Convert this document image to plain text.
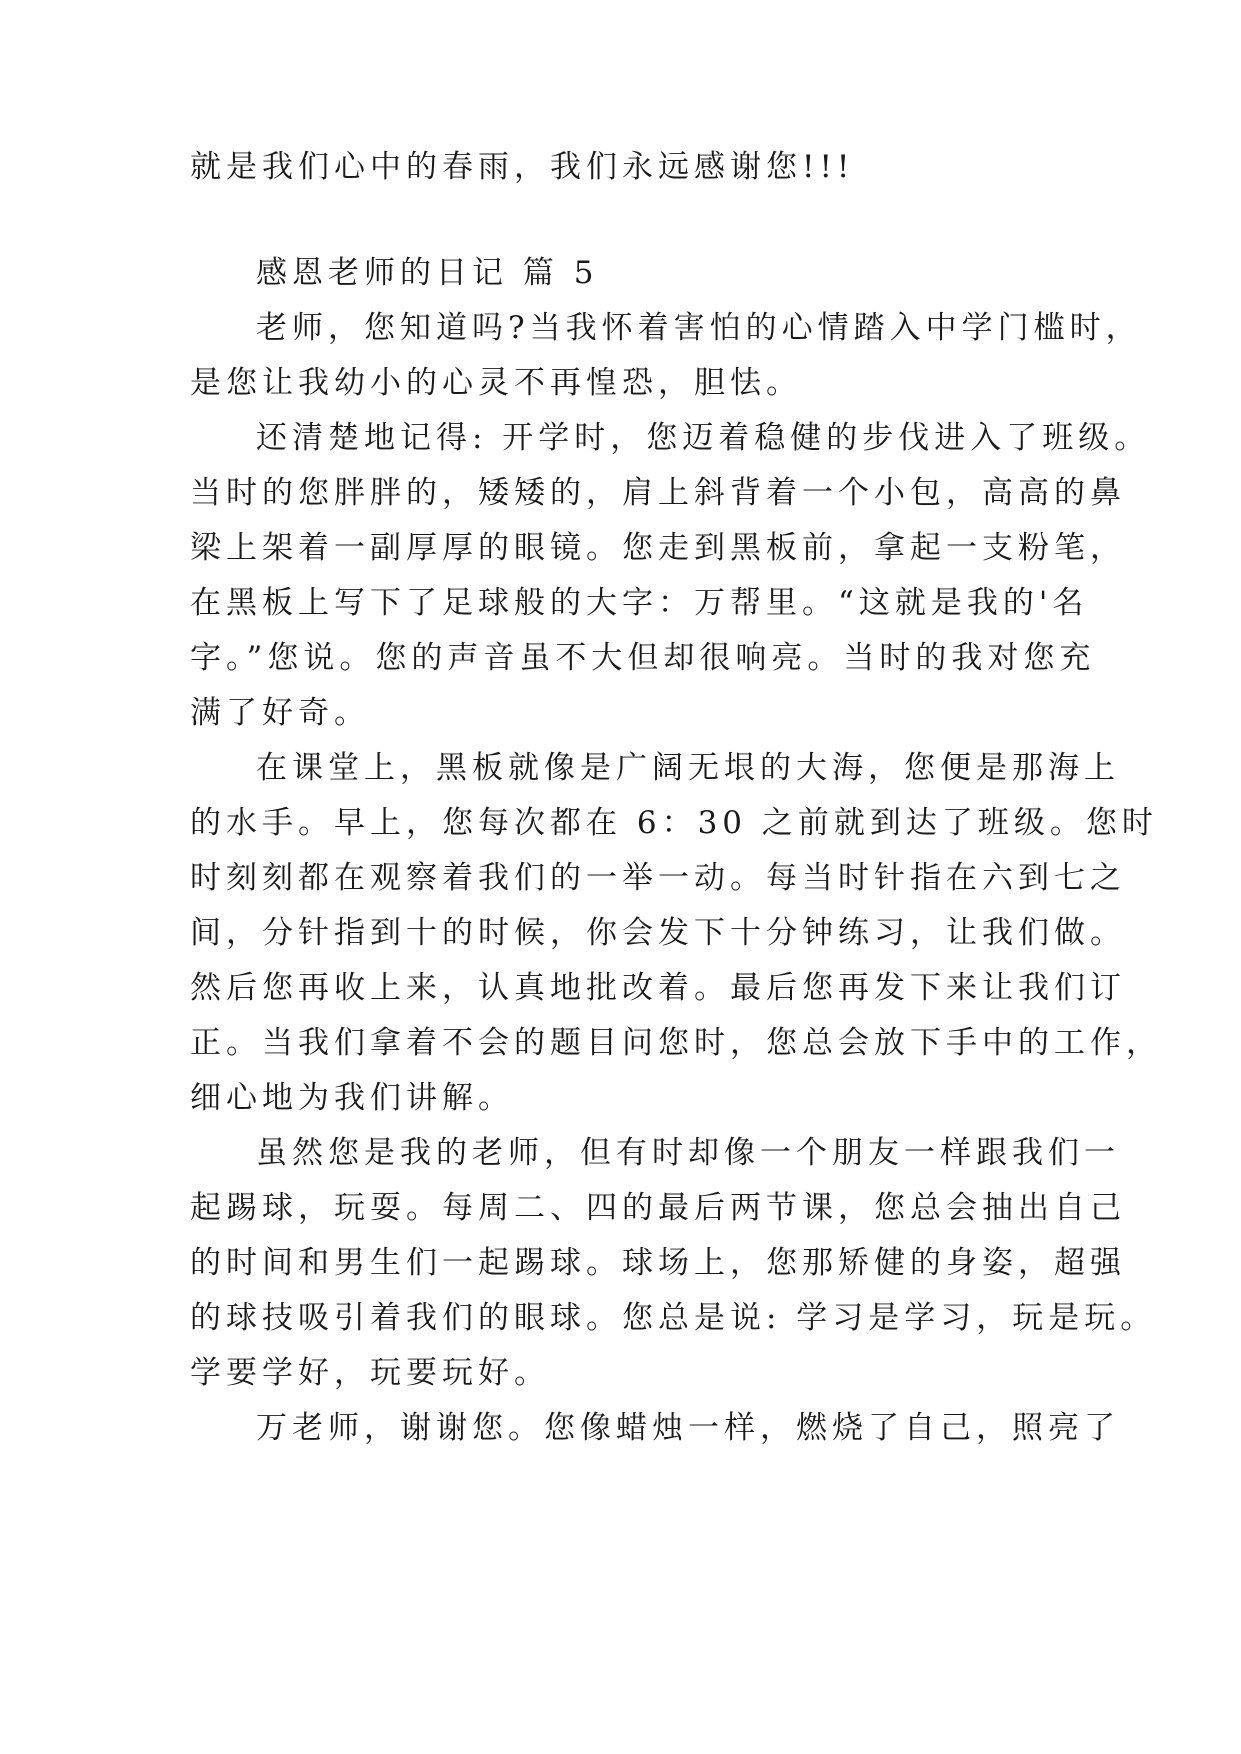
就是我们心中的春雨，我们永远感谢您!!!
感恩老师的日记 篇 5
老师，您知道吗?当我怀着害怕的心情踏入中学门槛时，
是您让我幼小的心灵不再惶恐，胆怯。
还清楚地记得: 开学时，您迈着稳健的步伐进入了班级。
当时的您胖胖的，矮矮的，肩上斜背着一个小包，高高的鼻
梁上架着一副厚厚的眼镜。您走到黑板前，拿起一支粉笔，
在黑板上写下了足球般的大字：万帮里。“这就是我的'名
字。”您说。您的声音虽不大但却很响亮。当时的我对您充
满了好奇。
在课堂上，黑板就像是广阔无垠的大海，您便是那海上
的水手。早上，您每次都在 6：30 之前就到达了班级。您时
时刻刻都在观察着我们的一举一动。每当时针指在六到七之
间，分针指到十的时候，你会发下十分钟练习，让我们做。
然后您再收上来，认真地批改着。最后您再发下来让我们订
正。当我们拿着不会的题目问您时，您总会放下手中的工作，
细心地为我们讲解。
虽然您是我的老师，但有时却像一个朋友一样跟我们一
起踢球，玩耍。每周二、四的最后两节课，您总会抽出自己
的时间和男生们一起踢球。球场上，您那矫健的身姿，超强
的球技吸引着我们的眼球。您总是说: 学习是学习，玩是玩。
学要学好，玩要玩好。
万老师，谢谢您。您像蜡烛一样，燃烧了自己，照亮了
